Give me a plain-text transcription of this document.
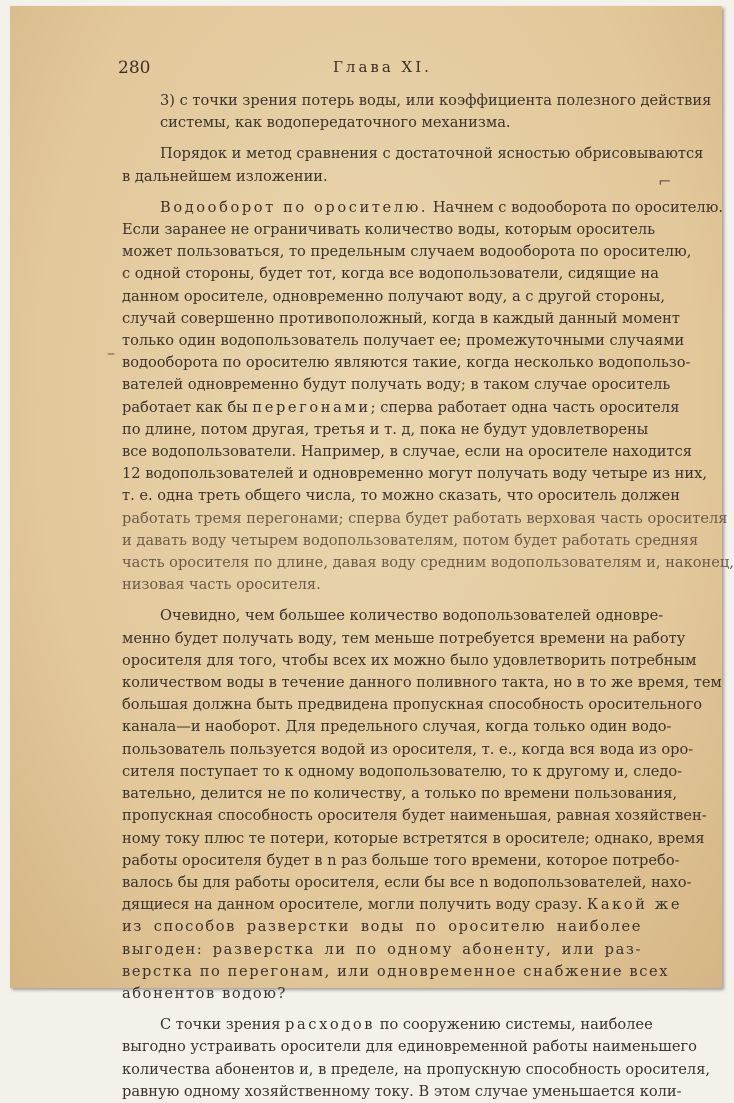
280	Глава XI.
⌐
–

3) с точки зрения потерь воды, или коэффициента полезного действия
системы, как водопередаточного механизма.

Порядок и метод сравнения с достаточной ясностью обрисовываются
в дальнейшем изложении.

Водооборот по оросителю. Начнем с водооборота по оросителю.
Если заранее не ограничивать количество воды, которым ороситель
может пользоваться, то предельным случаем водооборота по оросителю,
с одной стороны, будет тот, когда все водопользователи, сидящие на
данном оросителе, одновременно получают воду, а с другой стороны,
случай совершенно противоположный, когда в каждый данный момент
только один водопользователь получает ее; промежуточными случаями
водооборота по оросителю являются такие, когда несколько водопользо-
вателей одновременно будут получать воду; в таком случае ороситель
работает как бы перегонами; сперва работает одна часть оросителя
по длине, потом другая, третья и т. д, пока не будут удовлетворены
все водопользователи. Например, в случае, если на оросителе находится
12 водопользователей и одновременно могут получать воду четыре из них,
т. е. одна треть общего числа, то можно сказать, что ороситель должен
работать тремя перегонами; сперва будет работать верховая часть оросителя
и давать воду четырем водопользователям, потом будет работать средняя
часть оросителя по длине, давая воду средним водопользователям и, наконец,
низовая часть оросителя.

Очевидно, чем большее количество водопользователей одновре-
менно будет получать воду, тем меньше потребуется времени на работу
оросителя для того, чтобы всех их можно было удовлетворить потребным
количеством воды в течение данного поливного такта, но в то же время, тем
большая должна быть предвидена пропускная способность оросительного
канала—и наоборот. Для предельного случая, когда только один водо-
пользователь пользуется водой из оросителя, т. е., когда вся вода из оро-
сителя поступает то к одному водопользователю, то к другому и, следо-
вательно, делится не по количеству, а только по времени пользования,
пропускная способность оросителя будет наименьшая, равная хозяйствен-
ному току плюс те потери, которые встретятся в оросителе; однако, время
работы оросителя будет в n раз больше того времени, которое потребо-
валось бы для работы оросителя, если бы все n водопользователей, нахо-
дящиеся на данном оросителе, могли получить воду сразу. Какой же
из способов разверстки воды по оросителю наиболее
выгоден: разверстка ли по одному абоненту, или раз-
верстка по перегонам, или одновременное снабжение всех
абонентов водою?

С точки зрения расходов по сооружению системы, наиболее
выгодно устраивать оросители для единовременной работы наименьшего
количества абонентов и, в пределе, на пропускную способность оросителя,
равную одному хозяйственному току. В этом случае уменьшается коли-
